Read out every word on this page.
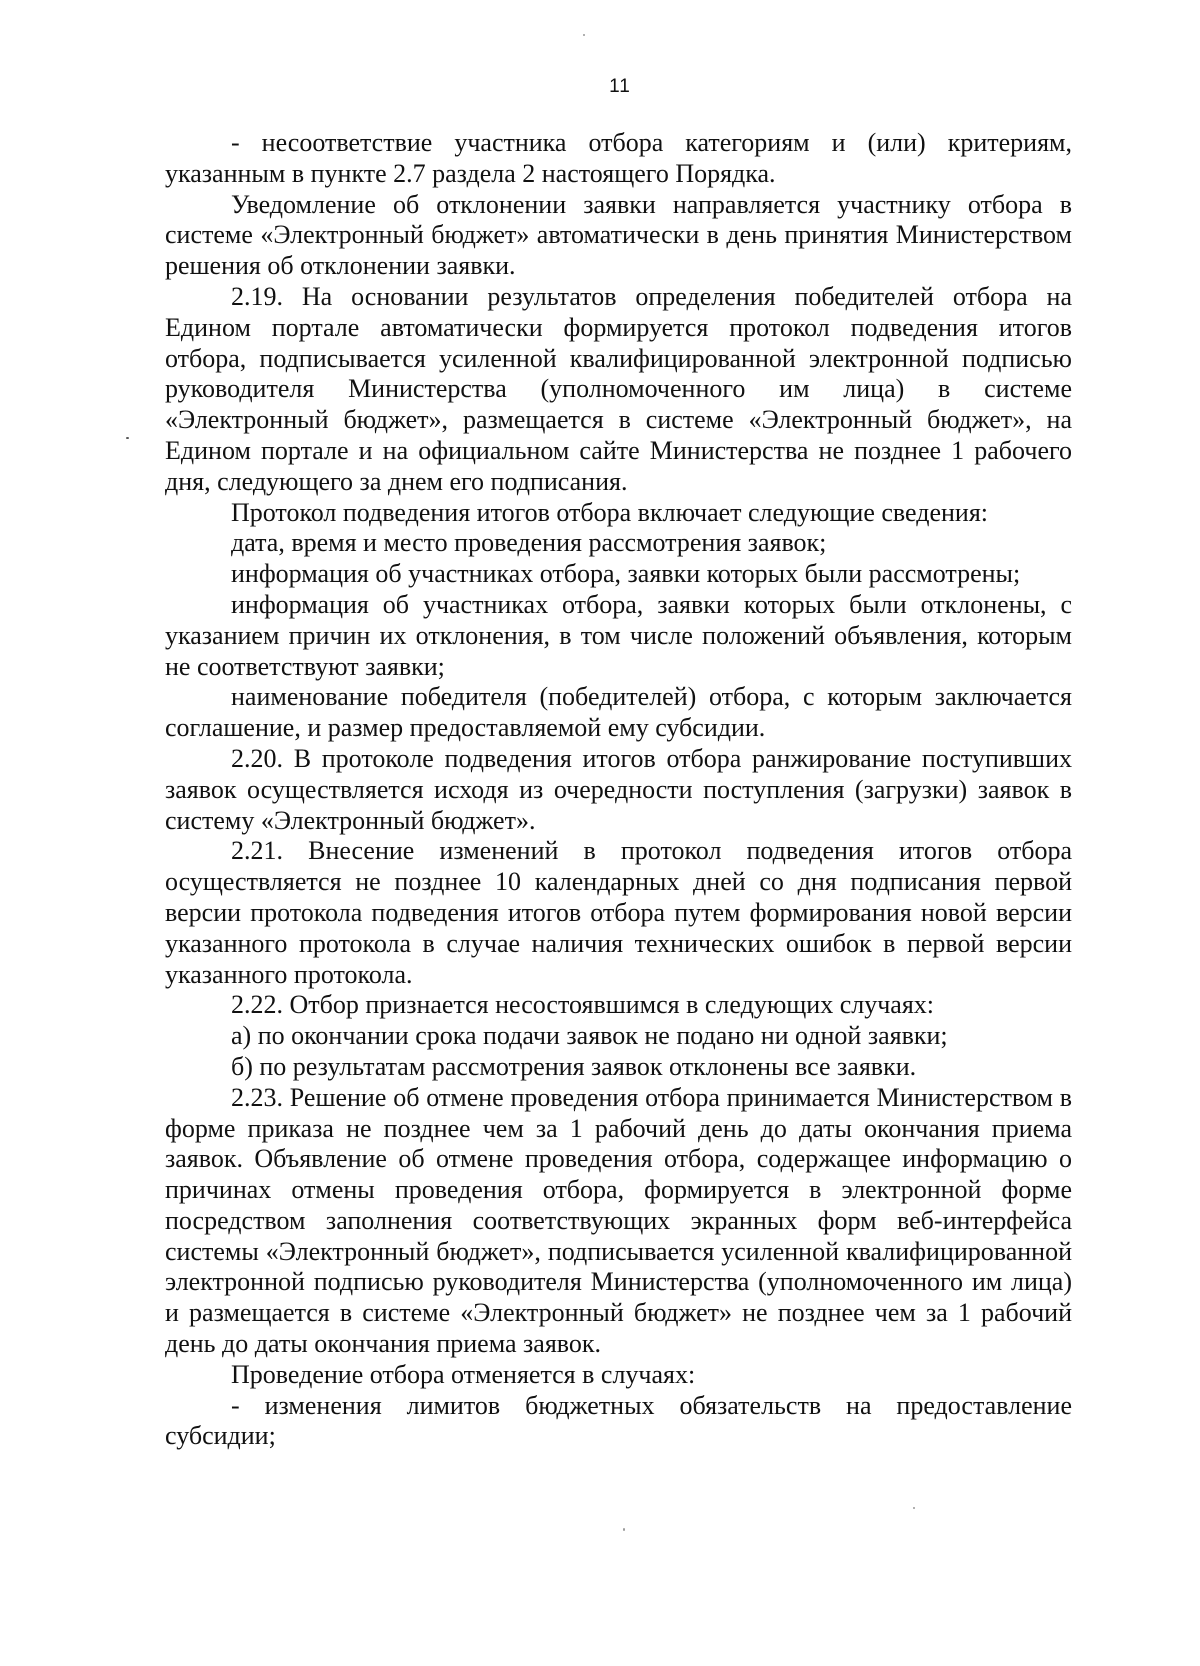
11

- несоответствие участника отбора категориям и (или) критериям, указанным в пункте 2.7 раздела 2 настоящего Порядка.

Уведомление об отклонении заявки направляется участнику отбора в системе «Электронный бюджет» автоматически в день принятия Министерством решения об отклонении заявки.

2.19. На основании результатов определения победителей отбора на Едином портале автоматически формируется протокол подведения итогов отбора, подписывается усиленной квалифицированной электронной подписью руководителя Министерства (уполномоченного им лица) в системе «Электронный бюджет», размещается в системе «Электронный бюджет», на Едином портале и на официальном сайте Министерства не позднее 1 рабочего дня, следующего за днем его подписания.

Протокол подведения итогов отбора включает следующие сведения:

дата, время и место проведения рассмотрения заявок;

информация об участниках отбора, заявки которых были рассмотрены;

информация об участниках отбора, заявки которых были отклонены, с указанием причин их отклонения, в том числе положений объявления, которым не соответствуют заявки;

наименование победителя (победителей) отбора, с которым заключается соглашение, и размер предоставляемой ему субсидии.

2.20. В протоколе подведения итогов отбора ранжирование поступивших заявок осуществляется исходя из очередности поступления (загрузки) заявок в систему «Электронный бюджет».

2.21. Внесение изменений в протокол подведения итогов отбора осуществляется не позднее 10 календарных дней со дня подписания первой версии протокола подведения итогов отбора путем формирования новой версии указанного протокола в случае наличия технических ошибок в первой версии указанного протокола.

2.22. Отбор признается несостоявшимся в следующих случаях:

а) по окончании срока подачи заявок не подано ни одной заявки;

б) по результатам рассмотрения заявок отклонены все заявки.

2.23. Решение об отмене проведения отбора принимается Министерством в форме приказа не позднее чем за 1 рабочий день до даты окончания приема заявок. Объявление об отмене проведения отбора, содержащее информацию о причинах отмены проведения отбора, формируется в электронной форме посредством заполнения соответствующих экранных форм веб-интерфейса системы «Электронный бюджет», подписывается усиленной квалифицированной электронной подписью руководителя Министерства (уполномоченного им лица) и размещается в системе «Электронный бюджет» не позднее чем за 1 рабочий день до даты окончания приема заявок.

Проведение отбора отменяется в случаях:

- изменения лимитов бюджетных обязательств на предоставление субсидии;
